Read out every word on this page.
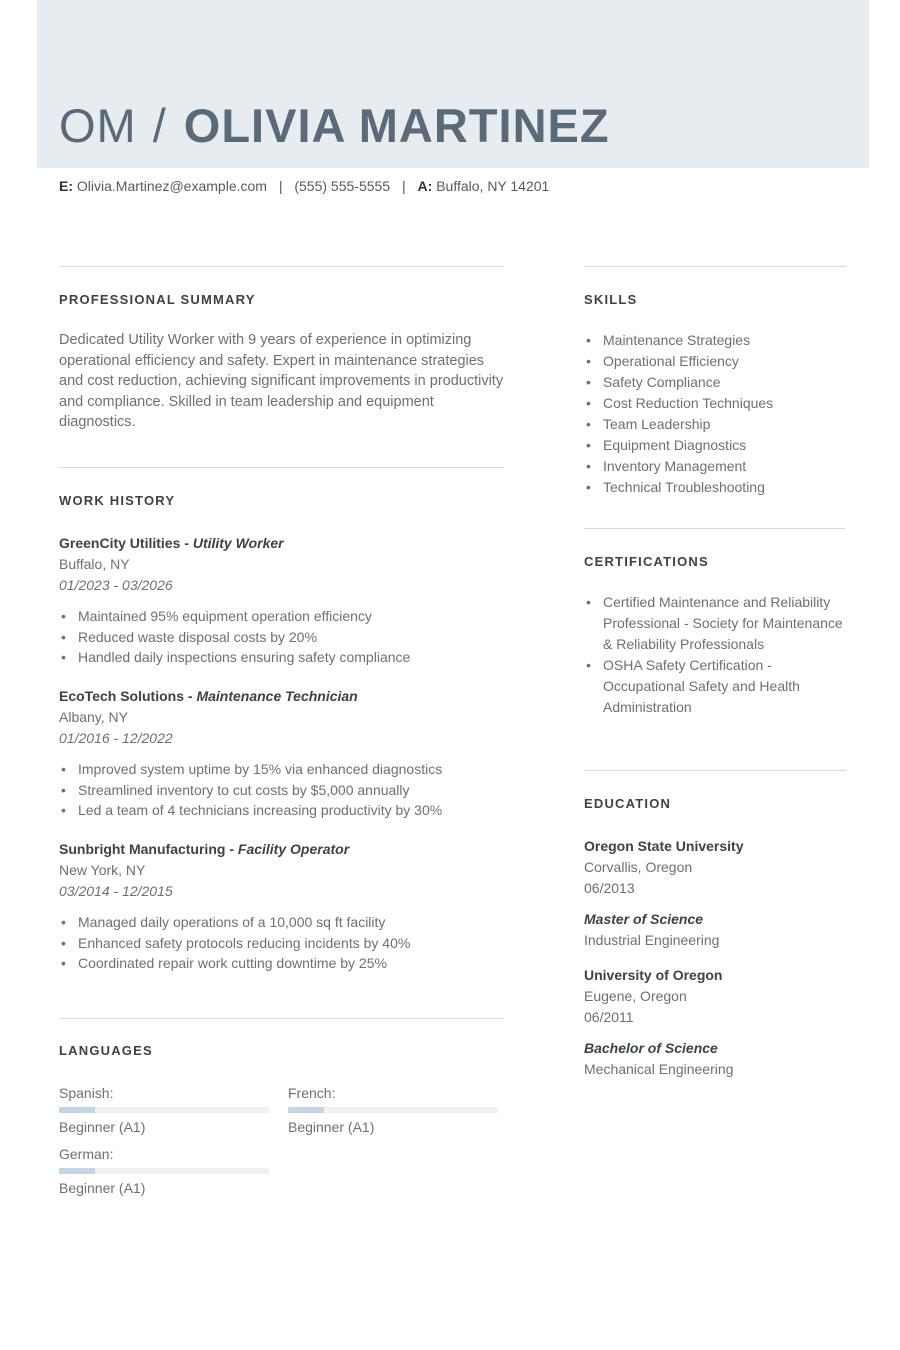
OM / OLIVIA MARTINEZ
E: Olivia.Martinez@example.com | (555) 555-5555 | A: Buffalo, NY 14201
PROFESSIONAL SUMMARY
Dedicated Utility Worker with 9 years of experience in optimizing operational efficiency and safety. Expert in maintenance strategies and cost reduction, achieving significant improvements in productivity and compliance. Skilled in team leadership and equipment diagnostics.
WORK HISTORY
GreenCity Utilities - Utility Worker
Buffalo, NY
01/2023 - 03/2026
• Maintained 95% equipment operation efficiency
• Reduced waste disposal costs by 20%
• Handled daily inspections ensuring safety compliance
EcoTech Solutions - Maintenance Technician
Albany, NY
01/2016 - 12/2022
• Improved system uptime by 15% via enhanced diagnostics
• Streamlined inventory to cut costs by $5,000 annually
• Led a team of 4 technicians increasing productivity by 30%
Sunbright Manufacturing - Facility Operator
New York, NY
03/2014 - 12/2015
• Managed daily operations of a 10,000 sq ft facility
• Enhanced safety protocols reducing incidents by 40%
• Coordinated repair work cutting downtime by 25%
LANGUAGES
Spanish:
Beginner (A1)
French:
Beginner (A1)
German:
Beginner (A1)
SKILLS
• Maintenance Strategies
• Operational Efficiency
• Safety Compliance
• Cost Reduction Techniques
• Team Leadership
• Equipment Diagnostics
• Inventory Management
• Technical Troubleshooting
CERTIFICATIONS
• Certified Maintenance and Reliability Professional - Society for Maintenance & Reliability Professionals
• OSHA Safety Certification - Occupational Safety and Health Administration
EDUCATION
Oregon State University
Corvallis, Oregon
06/2013
Master of Science
Industrial Engineering
University of Oregon
Eugene, Oregon
06/2011
Bachelor of Science
Mechanical Engineering
